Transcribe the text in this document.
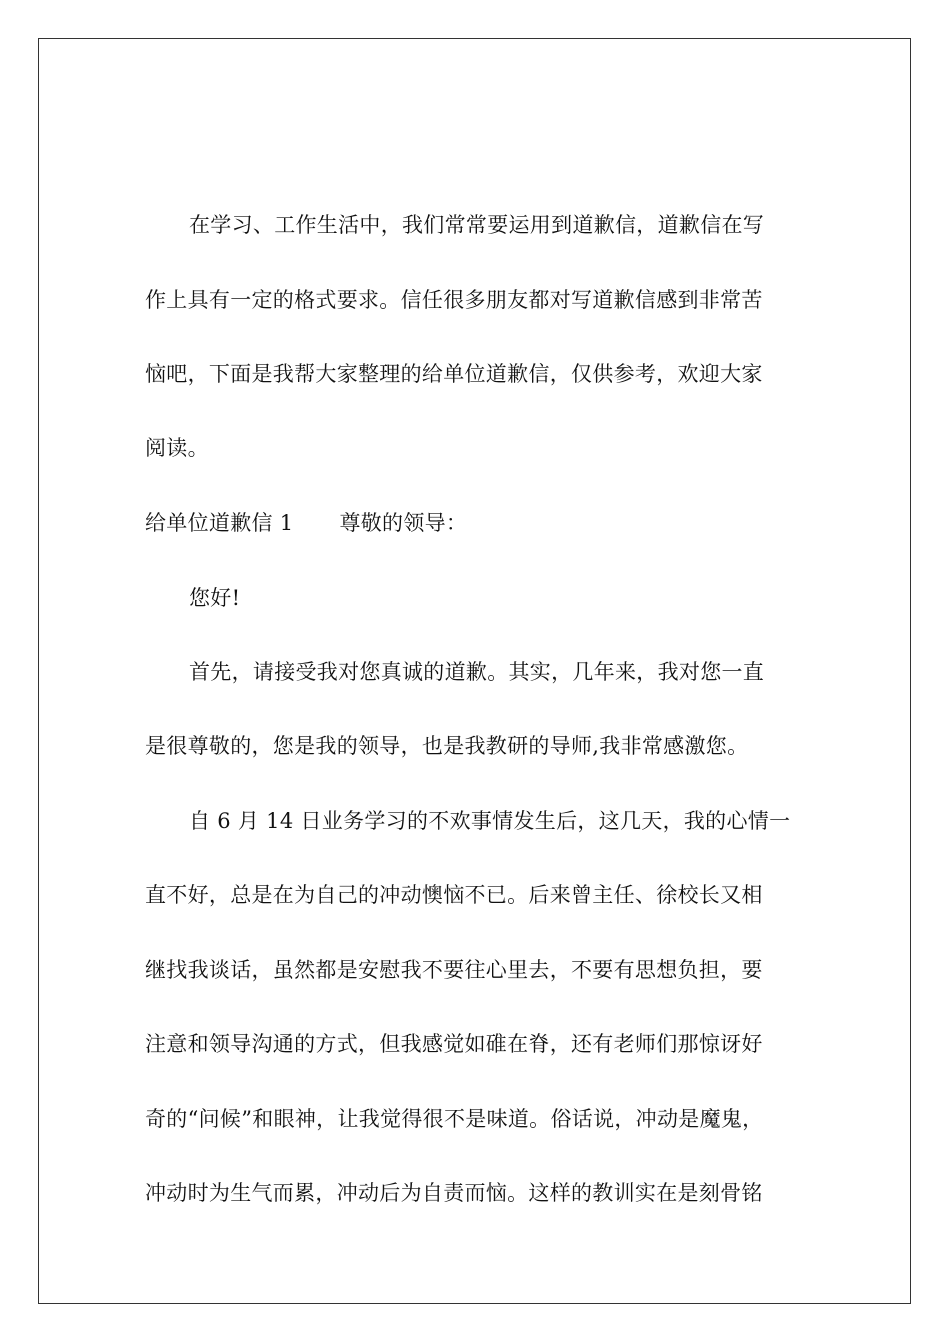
在学习、工作生活中，我们常常要运用到道歉信，道歉信在写
作上具有一定的格式要求。信任很多朋友都对写道歉信感到非常苦
恼吧，下面是我帮大家整理的给单位道歉信，仅供参考，欢迎大家
阅读。
给单位道歉信 1 尊敬的领导：
您好!
首先，请接受我对您真诚的道歉。其实，几年来，我对您一直
是很尊敬的，您是我的领导，也是我教研的导师,我非常感激您。
自 6 月 14 日业务学习的不欢事情发生后，这几天，我的心情一
直不好，总是在为自己的冲动懊恼不已。后来曾主任、徐校长又相
继找我谈话，虽然都是安慰我不要往心里去，不要有思想负担，要
注意和领导沟通的方式，但我感觉如碓在脊，还有老师们那惊讶好
奇的“问候”和眼神，让我觉得很不是味道。俗话说，冲动是魔鬼，
冲动时为生气而累，冲动后为自责而恼。这样的教训实在是刻骨铭
